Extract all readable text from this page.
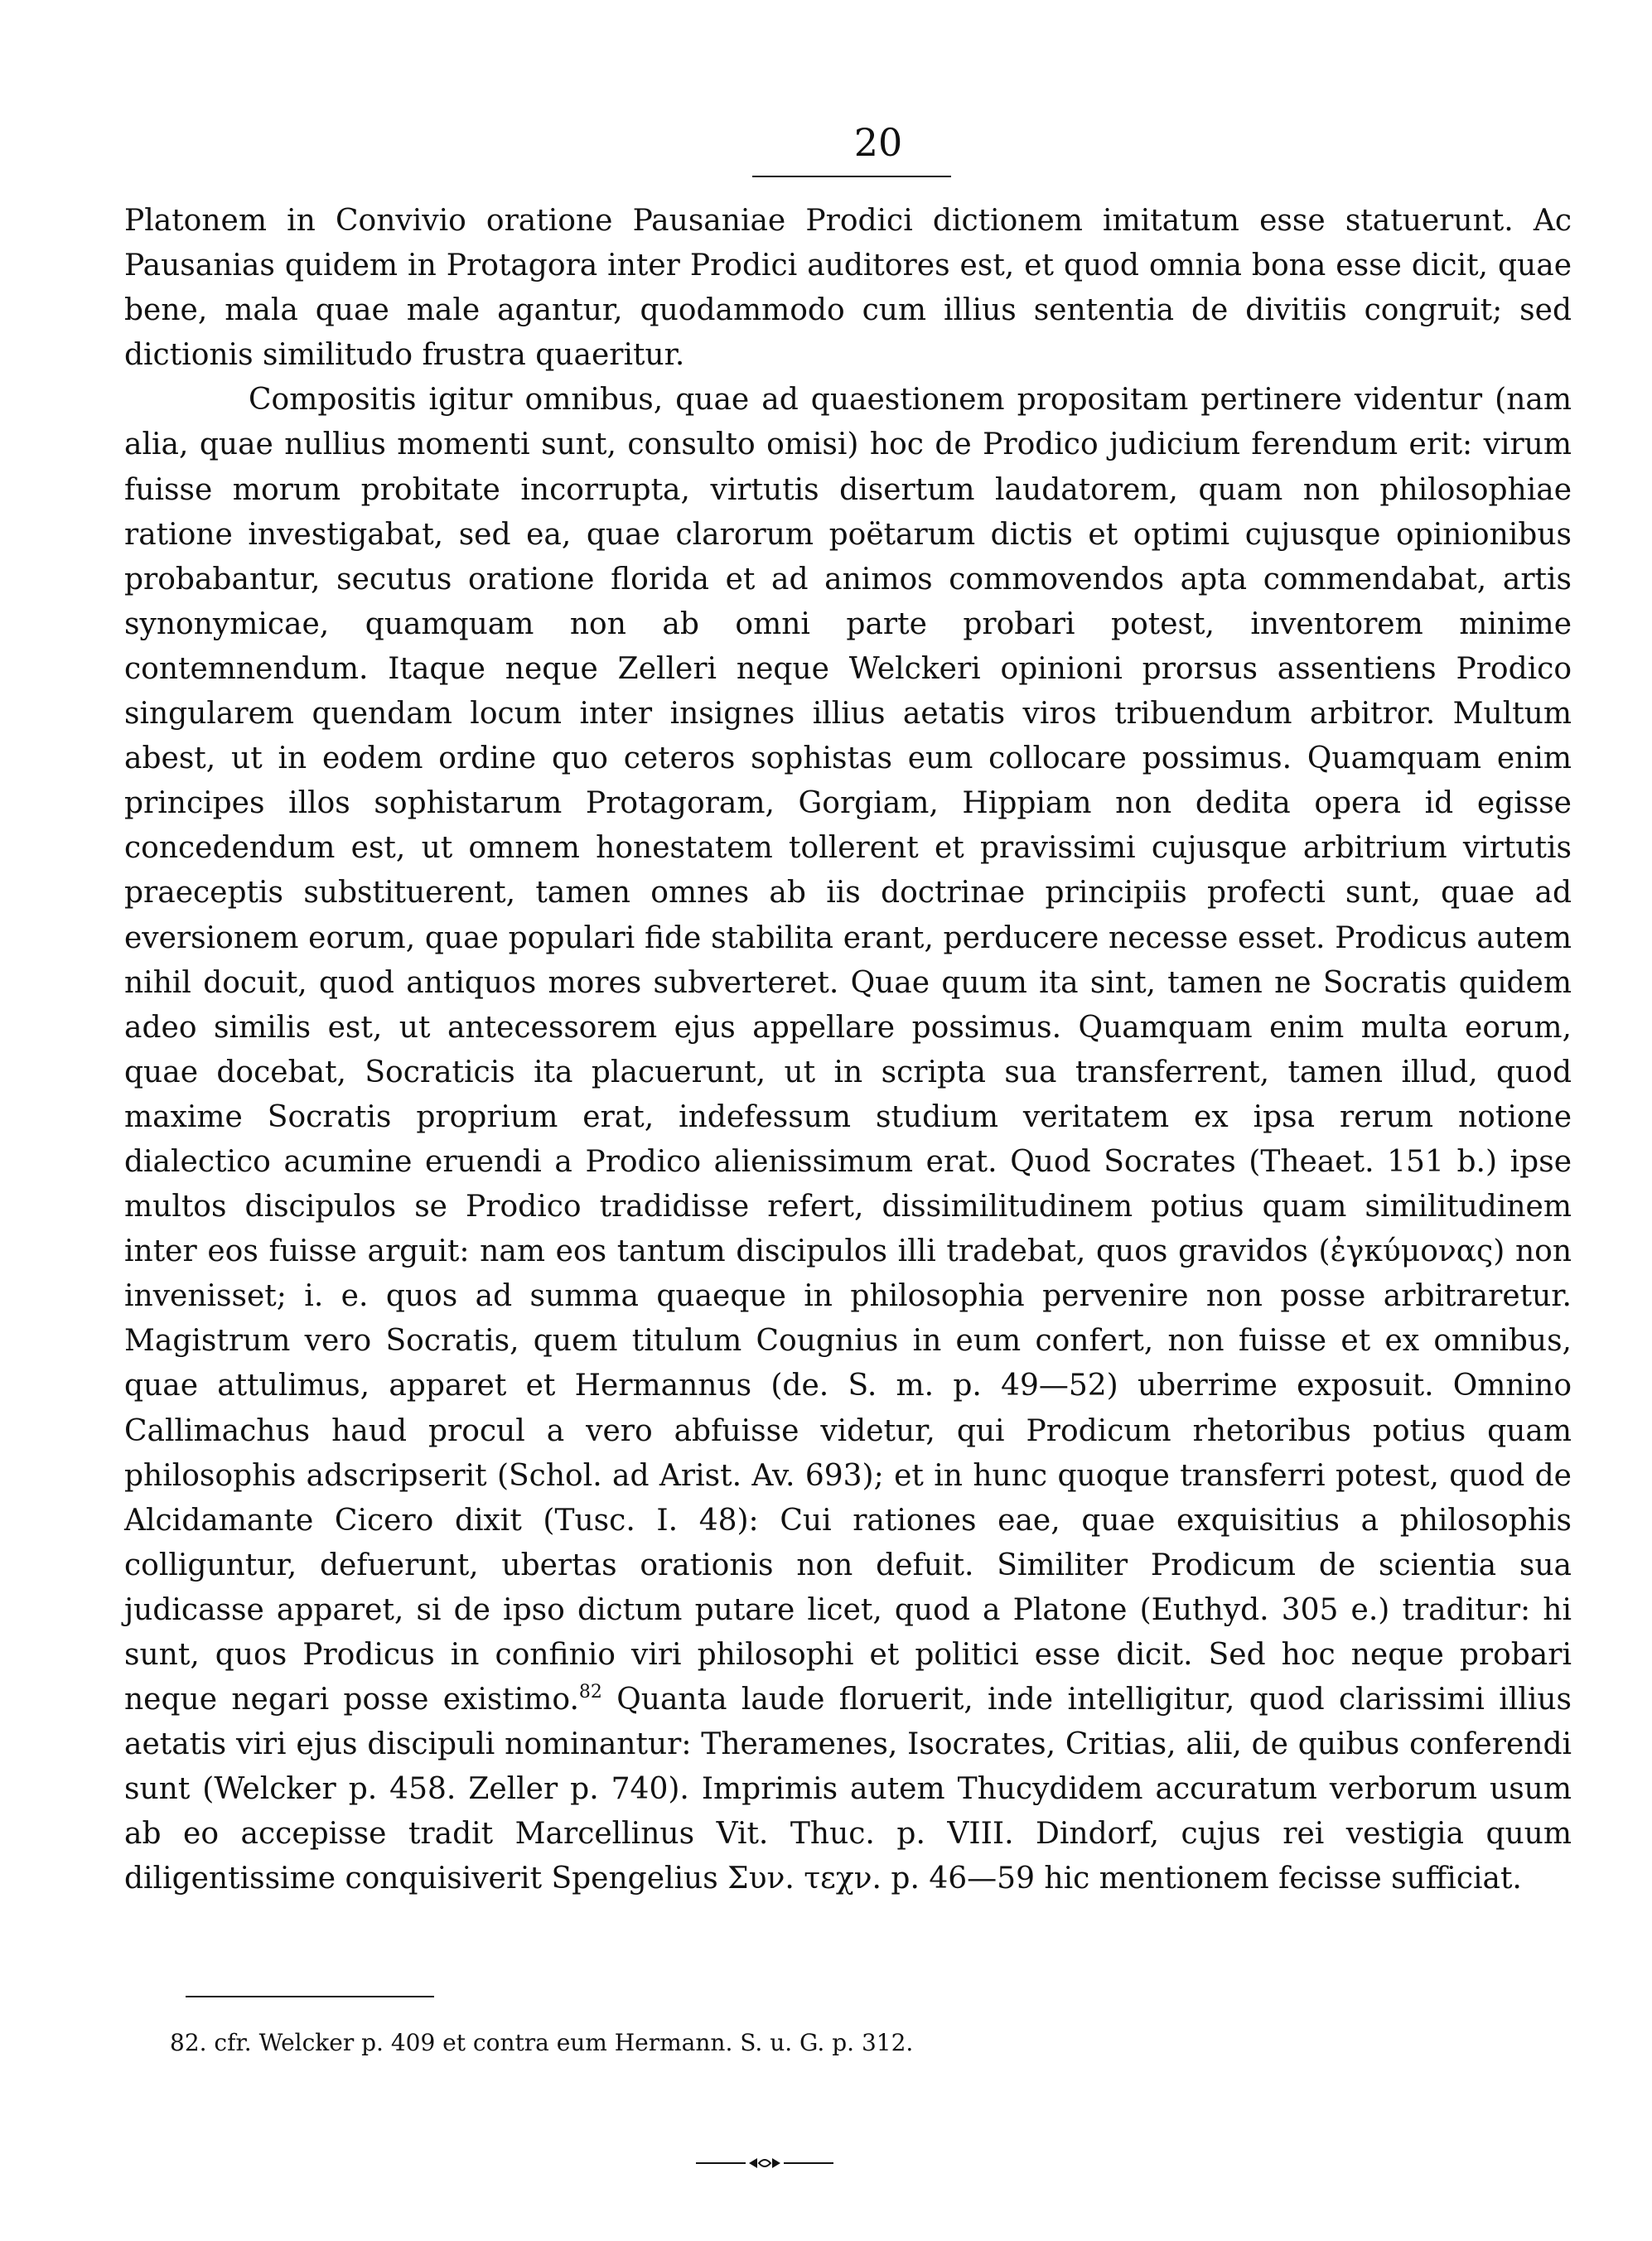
20

Platonem in Convivio oratione Pausaniae Prodici dictionem imitatum esse statuerunt. Ac Pausanias quidem in Protagora inter Prodici auditores est, et quod omnia bona esse dicit, quae bene, mala quae male agantur, quodammodo cum illius sententia de divitiis congruit; sed dictionis similitudo frustra quaeritur.

Compositis igitur omnibus, quae ad quaestionem propositam pertinere videntur (nam alia, quae nullius momenti sunt, consulto omisi) hoc de Prodico judicium ferendum erit: virum fuisse morum probitate incorrupta, virtutis disertum laudatorem, quam non philosophiae ratione investigabat, sed ea, quae clarorum poëtarum dictis et optimi cujusque opinionibus probabantur, secutus oratione florida et ad animos commovendos apta commendabat, artis synonymicae, quamquam non ab omni parte probari potest, inventorem minime contemnendum. Itaque neque Zelleri neque Welckeri opinioni prorsus assentiens Prodico singularem quendam locum inter insignes illius aetatis viros tribuendum arbitror. Multum abest, ut in eodem ordine quo ceteros sophistas eum collocare possimus. Quamquam enim principes illos sophistarum Protagoram, Gorgiam, Hippiam non dedita opera id egisse concedendum est, ut omnem honestatem tollerent et pravissimi cujusque arbitrium virtutis praeceptis substituerent, tamen omnes ab iis doctrinae principiis profecti sunt, quae ad eversionem eorum, quae populari fide stabilita erant, perducere necesse esset. Prodicus autem nihil docuit, quod antiquos mores subverteret. Quae quum ita sint, tamen ne Socratis quidem adeo similis est, ut antecessorem ejus appellare possimus. Quamquam enim multa eorum, quae docebat, Socraticis ita placuerunt, ut in scripta sua transferrent, tamen illud, quod maxime Socratis proprium erat, indefessum studium veritatem ex ipsa rerum notione dialectico acumine eruendi a Prodico alienissimum erat. Quod Socrates (Theaet. 151 b.) ipse multos discipulos se Prodico tradidisse refert, dissimilitudinem potius quam similitudinem inter eos fuisse arguit: nam eos tantum discipulos illi tradebat, quos gravidos (ἐγκύμονας) non invenisset; i. e. quos ad summa quaeque in philosophia pervenire non posse arbitraretur. Magistrum vero Socratis, quem titulum Cougnius in eum confert, non fuisse et ex omnibus, quae attulimus, apparet et Hermannus (de. S. m. p. 49—52) uberrime exposuit. Omnino Callimachus haud procul a vero abfuisse videtur, qui Prodicum rhetoribus potius quam philosophis adscripserit (Schol. ad Arist. Av. 693); et in hunc quoque transferri potest, quod de Alcidamante Cicero dixit (Tusc. I. 48): Cui rationes eae, quae exquisitius a philosophis colliguntur, defuerunt, ubertas orationis non defuit. Similiter Prodicum de scientia sua judicasse apparet, si de ipso dictum putare licet, quod a Platone (Euthyd. 305 e.) traditur: hi sunt, quos Prodicus in confinio viri philosophi et politici esse dicit. Sed hoc neque probari neque negari posse existimo.$^{82}$ Quanta laude floruerit, inde intelligitur, quod clarissimi illius aetatis viri ejus discipuli nominantur: Theramenes, Isocrates, Critias, alii, de quibus conferendi sunt (Welcker p. 458. Zeller p. 740). Imprimis autem Thucydidem accuratum verborum usum ab eo accepisse tradit Marcellinus Vit. Thuc. p. VIII. Dindorf, cujus rei vestigia quum diligentissime conquisiverit Spengelius Συν. τεχν. p. 46—59 hic mentionem fecisse sufficiat.

82. cfr. Welcker p. 409 et contra eum Hermann. S. u. G. p. 312.
